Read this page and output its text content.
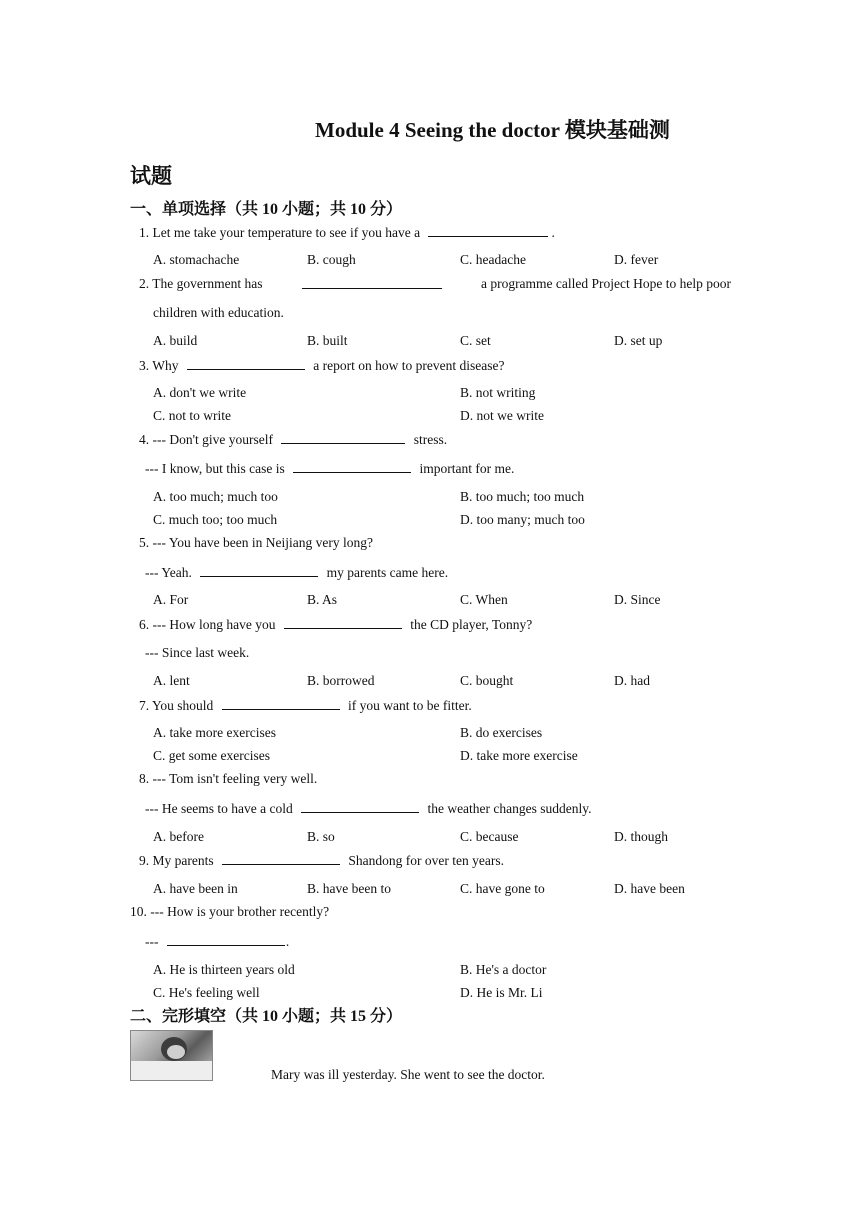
Module 4 Seeing the doctor 模块基础测
试题
一、单项选择（共 10 小题；共 10 分）
1. Let me take your temperature to see if you have a	.
A. stomachache	B. cough	C. headache	D. fever
2. The government has	a programme called Project Hope to help poor
children with education.
A. build	B. built	C. set	D. set up
3. Why	a report on how to prevent disease?
A. don't we write	B. not writing
C. not to write	D. not we write
4. --- Don't give yourself	stress.
--- I know, but this case is	important for me.
A. too much; much too	B. too much; too much
C. much too; too much	D. too many; much too
5. --- You have been in Neijiang very long?
--- Yeah.	my parents came here.
A. For	B. As	C. When	D. Since
6. --- How long have you	the CD player, Tonny?
--- Since last week.
A. lent	B. borrowed	C. bought	D. had
7. You should	if you want to be fitter.
A. take more exercises	B. do exercises
C. get some exercises	D. take more exercise
8. --- Tom isn't feeling very well.
--- He seems to have a cold	the weather changes suddenly.
A. before	B. so	C. because	D. though
9. My parents	Shandong for over ten years.
A. have been in	B. have been to	C. have gone to	D. have been
10. --- How is your brother recently?
---	.
A. He is thirteen years old	B. He's a doctor
C. He's feeling well	D. He is Mr. Li
二、完形填空（共 10 小题；共 15 分）
Mary was ill yesterday. She went to see the doctor.
